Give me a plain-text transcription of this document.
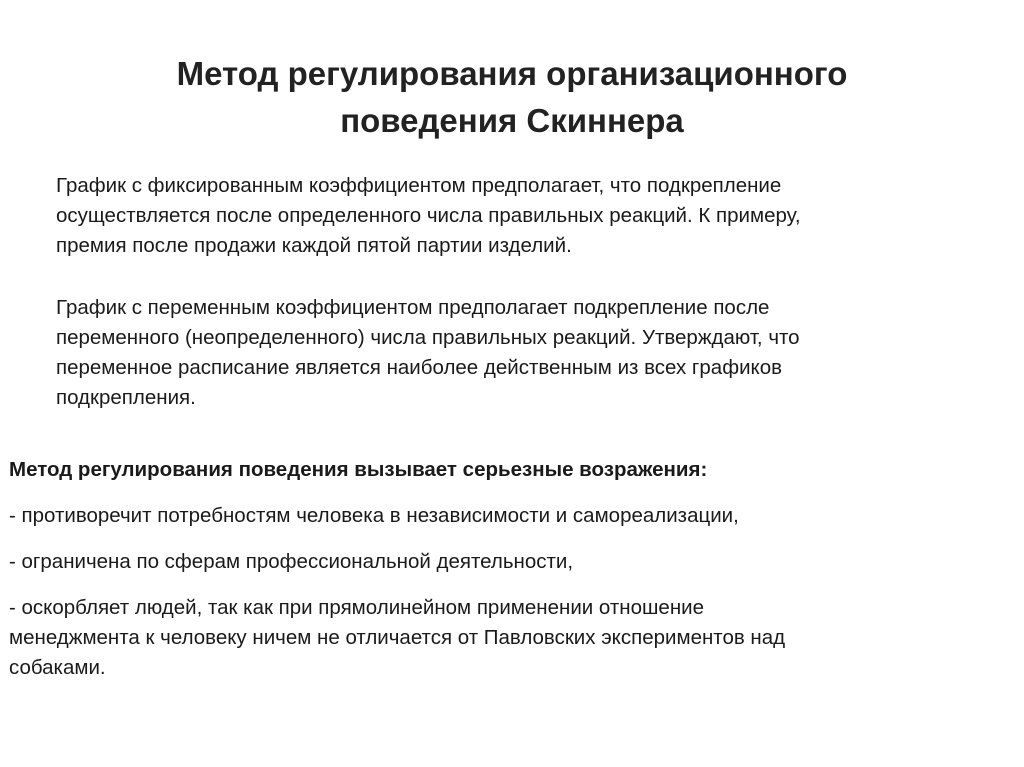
Метод регулирования организационного
поведения Скиннера

График с фиксированным коэффициентом предполагает, что подкрепление
осуществляется после определенного числа правильных реакций. К примеру,
премия после продажи каждой пятой партии изделий.

График с переменным коэффициентом предполагает подкрепление после
переменного (неопределенного) числа правильных реакций. Утверждают, что
переменное расписание является наиболее действенным из всех графиков
подкрепления.

Метод регулирования поведения вызывает серьезные возражения:

- противоречит потребностям человека в независимости и самореализации,

- ограничена по сферам профессиональной деятельности,

- оскорбляет людей, так как при прямолинейном применении отношение
менеджмента к человеку ничем не отличается от Павловских экспериментов над
собаками.
